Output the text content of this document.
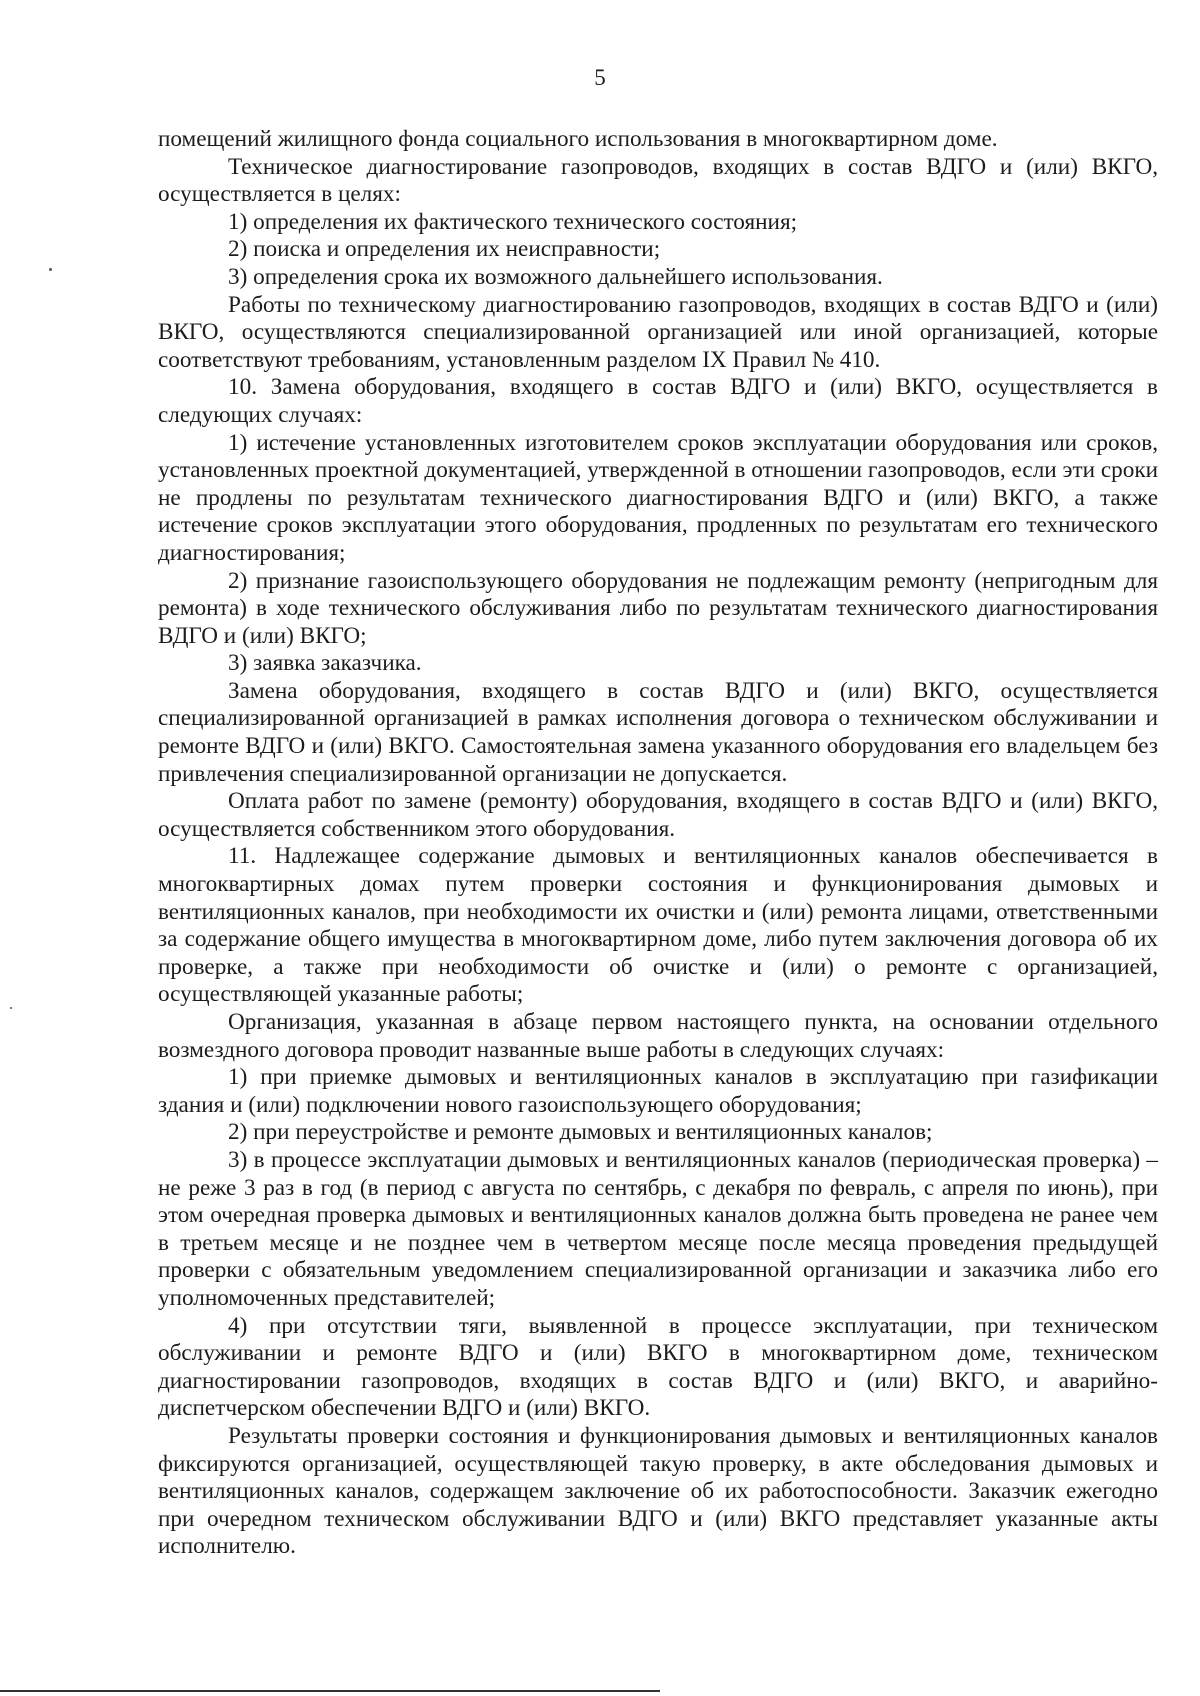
5

помещений жилищного фонда социального использования в многоквартирном доме.

Техническое диагностирование газопроводов, входящих в состав ВДГО и (или) ВКГО, осуществляется в целях:

1) определения их фактического технического состояния;

2) поиска и определения их неисправности;

3) определения срока их возможного дальнейшего использования.

Работы по техническому диагностированию газопроводов, входящих в состав ВДГО и (или) ВКГО, осуществляются специализированной организацией или иной организацией, которые соответствуют требованиям, установленным разделом IX Правил № 410.

10. Замена оборудования, входящего в состав ВДГО и (или) ВКГО, осуществляется в следующих случаях:

1) истечение установленных изготовителем сроков эксплуатации оборудования или сроков, установленных проектной документацией, утвержденной в отношении газопроводов, если эти сроки не продлены по результатам технического диагностирования ВДГО и (или) ВКГО, а также истечение сроков эксплуатации этого оборудования, продленных по результатам его технического диагностирования;

2) признание газоиспользующего оборудования не подлежащим ремонту (непригодным для ремонта) в ходе технического обслуживания либо по результатам технического диагностирования ВДГО и (или) ВКГО;

3) заявка заказчика.

Замена оборудования, входящего в состав ВДГО и (или) ВКГО, осуществляется специализированной организацией в рамках исполнения договора о техническом обслуживании и ремонте ВДГО и (или) ВКГО. Самостоятельная замена указанного оборудования его владельцем без привлечения специализированной организации не допускается.

Оплата работ по замене (ремонту) оборудования, входящего в состав ВДГО и (или) ВКГО, осуществляется собственником этого оборудования.

11. Надлежащее содержание дымовых и вентиляционных каналов обеспечивается в многоквартирных домах путем проверки состояния и функционирования дымовых и вентиляционных каналов, при необходимости их очистки и (или) ремонта лицами, ответственными за содержание общего имущества в многоквартирном доме, либо путем заключения договора об их проверке, а также при необходимости об очистке и (или) о ремонте с организацией, осуществляющей указанные работы;

Организация, указанная в абзаце первом настоящего пункта, на основании отдельного возмездного договора проводит названные выше работы в следующих случаях:

1) при приемке дымовых и вентиляционных каналов в эксплуатацию при газификации здания и (или) подключении нового газоиспользующего оборудования;

2) при переустройстве и ремонте дымовых и вентиляционных каналов;

3) в процессе эксплуатации дымовых и вентиляционных каналов (периодическая проверка) – не реже 3 раз в год (в период с августа по сентябрь, с декабря по февраль, с апреля по июнь), при этом очередная проверка дымовых и вентиляционных каналов должна быть проведена не ранее чем в третьем месяце и не позднее чем в четвертом месяце после месяца проведения предыдущей проверки с обязательным уведомлением специализированной организации и заказчика либо его уполномоченных представителей;

4) при отсутствии тяги, выявленной в процессе эксплуатации, при техническом обслуживании и ремонте ВДГО и (или) ВКГО в многоквартирном доме, техническом диагностировании газопроводов, входящих в состав ВДГО и (или) ВКГО, и аварийно-диспетчерском обеспечении ВДГО и (или) ВКГО.

Результаты проверки состояния и функционирования дымовых и вентиляционных каналов фиксируются организацией, осуществляющей такую проверку, в акте обследования дымовых и вентиляционных каналов, содержащем заключение об их работоспособности. Заказчик ежегодно при очередном техническом обслуживании ВДГО и (или) ВКГО представляет указанные акты исполнителю.
